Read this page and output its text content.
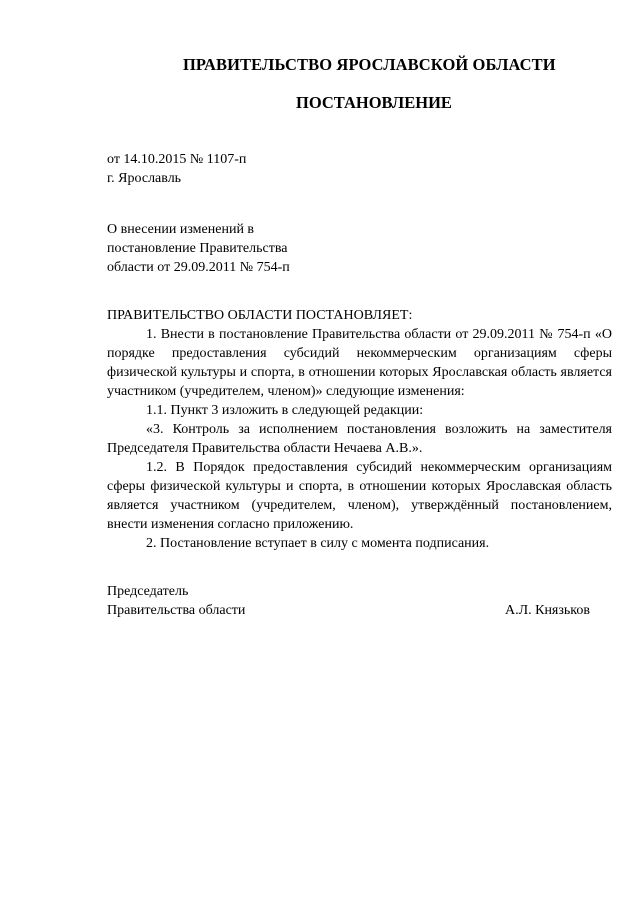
ПРАВИТЕЛЬСТВО ЯРОСЛАВСКОЙ ОБЛАСТИ
ПОСТАНОВЛЕНИЕ
от 14.10.2015 № 1107-п
г. Ярославль
О внесении изменений в
постановление Правительства
области от 29.09.2011 № 754-п

ПРАВИТЕЛЬСТВО ОБЛАСТИ ПОСТАНОВЛЯЕТ:

1. Внести в постановление Правительства области от 29.09.2011 № 754-п «О порядке предоставления субсидий некоммерческим организациям сферы физической культуры и спорта, в отношении которых Ярославская область является участником (учредителем, членом)» следующие изменения:

1.1. Пункт 3 изложить в следующей редакции:

«3. Контроль за исполнением постановления возложить на заместителя Председателя Правительства области Нечаева А.В.».

1.2. В Порядок предоставления субсидий некоммерческим организациям сферы физической культуры и спорта, в отношении которых Ярославская область является участником (учредителем, членом), утверждённый постановлением, внести изменения согласно приложению.

2. Постановление вступает в силу с момента подписания.

Председатель
Правительства области	А.Л. Князьков
